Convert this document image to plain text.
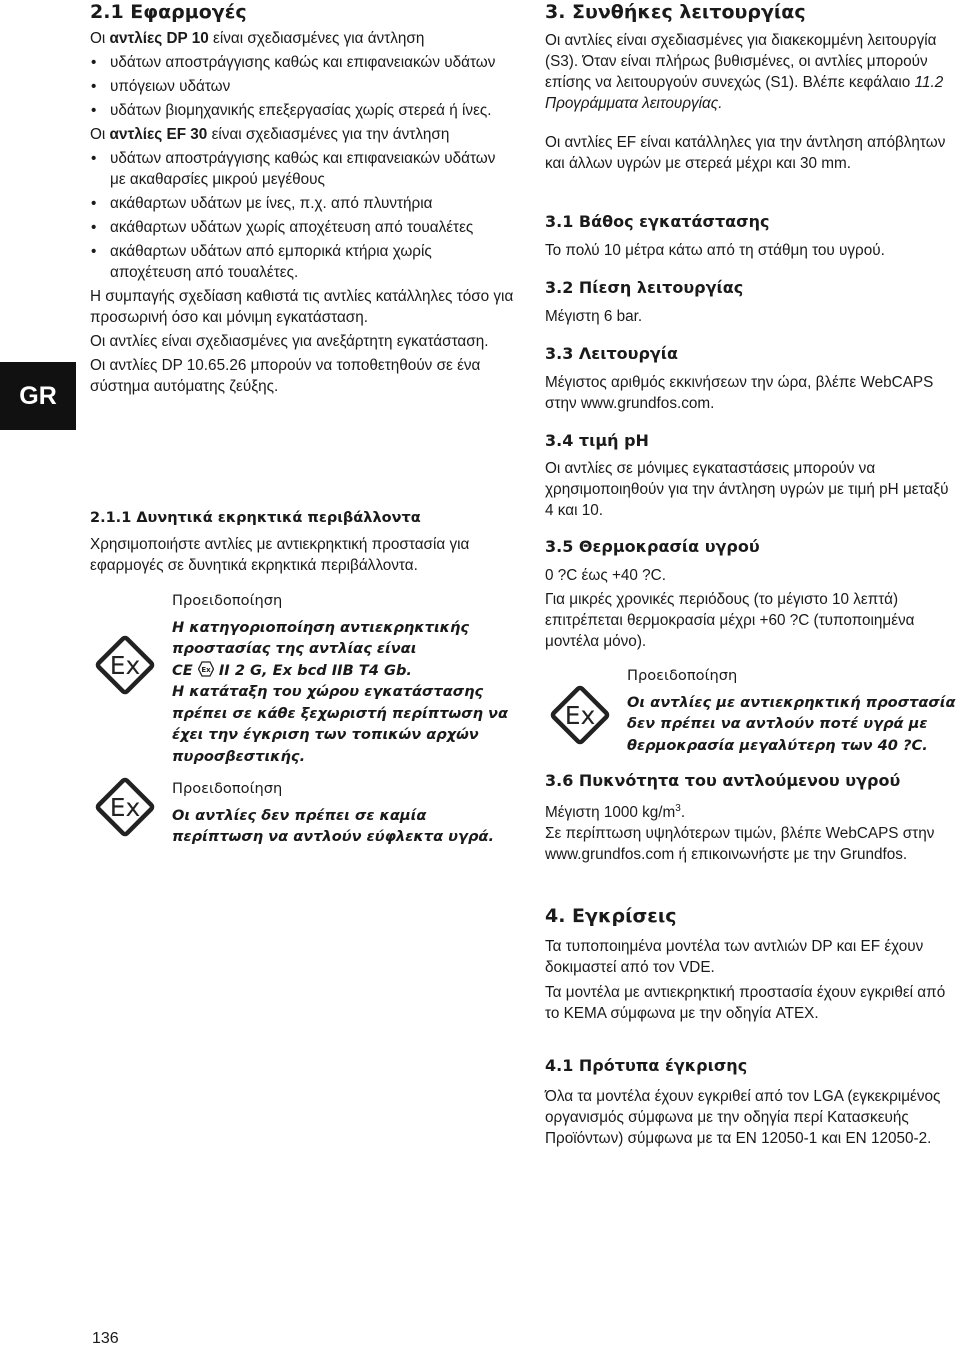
GR
2.1 Εφαρμογές

Οι αντλίες DP 10 είναι σχεδιασμένες για άντληση

• υδάτων αποστράγγισης καθώς και επιφανειακών υδάτων
• υπόγειων υδάτων
• υδάτων βιομηχανικής επεξεργασίας χωρίς στερεά ή ίνες.

Οι αντλίες EF 30 είναι σχεδιασμένες για την άντληση

• υδάτων αποστράγγισης καθώς και επιφανειακών υδάτων με ακαθαρσίες μικρού μεγέθους
• ακάθαρτων υδάτων με ίνες, π.χ. από πλυντήρια
• ακάθαρτων υδάτων χωρίς αποχέτευση από τουαλέτες
• ακάθαρτων υδάτων από εμπορικά κτήρια χωρίς αποχέτευση από τουαλέτες.

Η συμπαγής σχεδίαση καθιστά τις αντλίες κατάλληλες τόσο για προσωρινή όσο και μόνιμη εγκατάσταση.

Οι αντλίες είναι σχεδιασμένες για ανεξάρτητη εγκατάσταση.

Οι αντλίες DP 10.65.26 μπορούν να τοποθετηθούν σε ένα σύστημα αυτόματης ζεύξης.

2.1.1 Δυνητικά εκρηκτικά περιβάλλοντα

Χρησιμοποιήστε αντλίες με αντιεκρηκτική προστασία για εφαρμογές σε δυνητικά εκρηκτικά περιβάλλοντα.

Ex
Προειδοποίηση
Η κατηγοριοποίηση αντιεκρηκτικής προστασίας της αντλίας είναι
CE Ex II 2 G, Ex bcd IIB T4 Gb.
Η κατάταξη του χώρου εγκατάστασης πρέπει σε κάθε ξεχωριστή περίπτωση να έχει την έγκριση των τοπικών αρχών πυροσβεστικής.
Ex
Προειδοποίηση
Οι αντλίες δεν πρέπει σε καμία περίπτωση να αντλούν εύφλεκτα υγρά.
3. Συνθήκες λειτουργίας

Οι αντλίες είναι σχεδιασμένες για διακεκομμένη λειτουργία (S3). Όταν είναι πλήρως βυθισμένες, οι αντλίες μπορούν επίσης να λειτουργούν συνεχώς (S1). Βλέπε κεφάλαιο 11.2 Προγράμματα λειτουργίας.

Οι αντλίες EF είναι κατάλληλες για την άντληση απόβλητων και άλλων υγρών με στερεά μέχρι και 30 mm.

3.1 Βάθος εγκατάστασης

Το πολύ 10 μέτρα κάτω από τη στάθμη του υγρού.

3.2 Πίεση λειτουργίας

Μέγιστη 6 bar.

3.3 Λειτουργία

Μέγιστος αριθμός εκκινήσεων την ώρα, βλέπε WebCAPS στην www.grundfos.com.

3.4 τιμή pH

Οι αντλίες σε μόνιμες εγκαταστάσεις μπορούν να χρησιμοποιηθούν για την άντληση υγρών με τιμή pH μεταξύ 4 και 10.

3.5 Θερμοκρασία υγρού

0 ?C έως +40 ?C.

Για μικρές χρονικές περιόδους (το μέγιστο 10 λεπτά) επιτρέπεται θερμοκρασία μέχρι +60 ?C (τυποποιημένα μοντέλα μόνο).

Ex
Προειδοποίηση
Οι αντλίες με αντιεκρηκτική προστασία δεν πρέπει να αντλούν ποτέ υγρά με θερμοκρασία μεγαλύτερη των 40 ?C.
3.6 Πυκνότητα του αντλούμενου υγρού

Μέγιστη 1000 $kg/m^3$.

Σε περίπτωση υψηλότερων τιμών, βλέπε WebCAPS στην www.grundfos.com ή επικοινωνήστε με την Grundfos.

4. Εγκρίσεις

Τα τυποποιημένα μοντέλα των αντλιών DP και EF έχουν δοκιμαστεί από τον VDE.

Τα μοντέλα με αντιεκρηκτική προστασία έχουν εγκριθεί από το KEMA σύμφωνα με την οδηγία ATEX.

4.1 Πρότυπα έγκρισης

Όλα τα μοντέλα έχουν εγκριθεί από τον LGA (εγκεκριμένος οργανισμός σύμφωνα με την οδηγία περί Κατασκευής Προϊόντων) σύμφωνα με τα EN 12050-1 και EN 12050-2.

136
